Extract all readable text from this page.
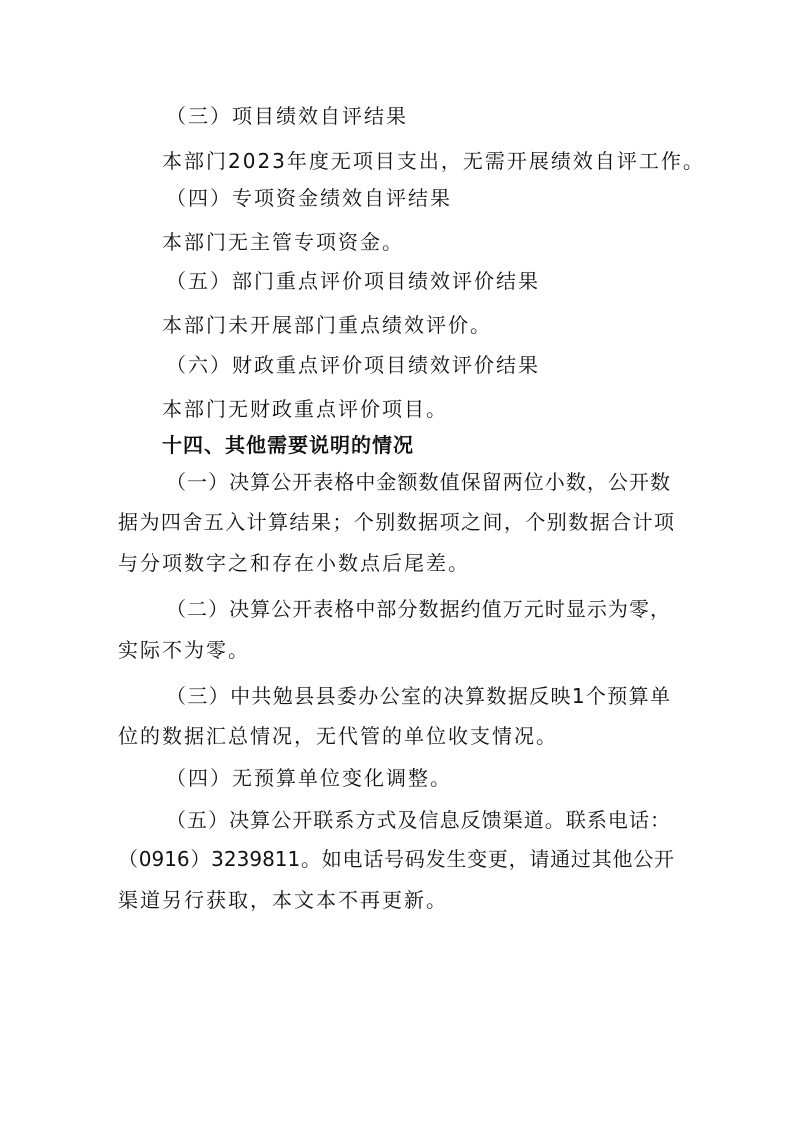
（三）项目绩效自评结果
本部门2023年度无项目支出，无需开展绩效自评工作。
（四）专项资金绩效自评结果
本部门无主管专项资金。
（五）部门重点评价项目绩效评价结果
本部门未开展部门重点绩效评价。
（六）财政重点评价项目绩效评价结果
本部门无财政重点评价项目。
十四、其他需要说明的情况
（一）决算公开表格中金额数值保留两位小数，公开数
据为四舍五入计算结果；个别数据项之间，个别数据合计项
与分项数字之和存在小数点后尾差。
（二）决算公开表格中部分数据约值万元时显示为零，
实际不为零。
（三）中共勉县县委办公室的决算数据反映1个预算单
位的数据汇总情况，无代管的单位收支情况。
（四）无预算单位变化调整。
（五）决算公开联系方式及信息反馈渠道。联系电话：
（0916）3239811。如电话号码发生变更，请通过其他公开
渠道另行获取，本文本不再更新。
